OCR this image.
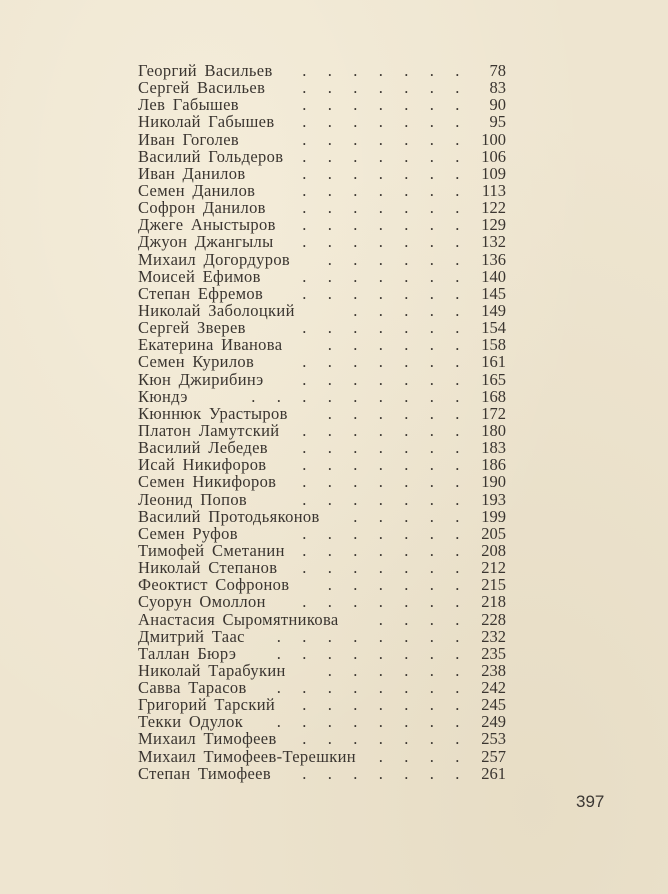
Георгий Васильев	. . . . . . .	78
Сергей Васильев	. . . . . . .	83
Лев Габышев	. . . . . . .	90
Николай Габышев	. . . . . . .	95
Иван Гоголев	. . . . . . .	100
Василий Гольдеров	. . . . . . .	106
Иван Данилов	. . . . . . .	109
Семен Данилов	. . . . . . .	113
Софрон Данилов	. . . . . . .	122
Джеге Аныстыров	. . . . . . .	129
Джуон Джангылы	. . . . . . .	132
Михаил Догордуров	. . . . . .	136
Моисей Ефимов	. . . . . . .	140
Степан Ефремов	. . . . . . .	145
Николай Заболоцкий	. . . . .	149
Сергей Зверев	. . . . . . .	154
Екатерина Иванова	. . . . . .	158
Семен Курилов	. . . . . . .	161
Кюн Джирибинэ	. . . . . . .	165
Кюндэ	. . . . . . . . .	168
Кюннюк Урастыров	. . . . . .	172
Платон Ламутский	. . . . . . .	180
Василий Лебедев	. . . . . . .	183
Исай Никифоров	. . . . . . .	186
Семен Никифоров	. . . . . . .	190
Леонид Попов	. . . . . . .	193
Василий Протодьяконов	. . . . .	199
Семен Руфов	. . . . . . .	205
Тимофей Сметанин	. . . . . . .	208
Николай Степанов	. . . . . . .	212
Феоктист Софронов	. . . . . .	215
Суорун Омоллон	. . . . . . .	218
Анастасия Сыромятникова	. . . .	228
Дмитрий Таас	. . . . . . . .	232
Таллан Бюрэ	. . . . . . . .	235
Николай Тарабукин	. . . . . .	238
Савва Тарасов	. . . . . . . .	242
Григорий Тарский	. . . . . . .	245
Текки Одулок	. . . . . . . .	249
Михаил Тимофеев	. . . . . . .	253
Михаил Тимофеев-Терешкин	. . . .	257
Степан Тимофеев	. . . . . . .	261
397
